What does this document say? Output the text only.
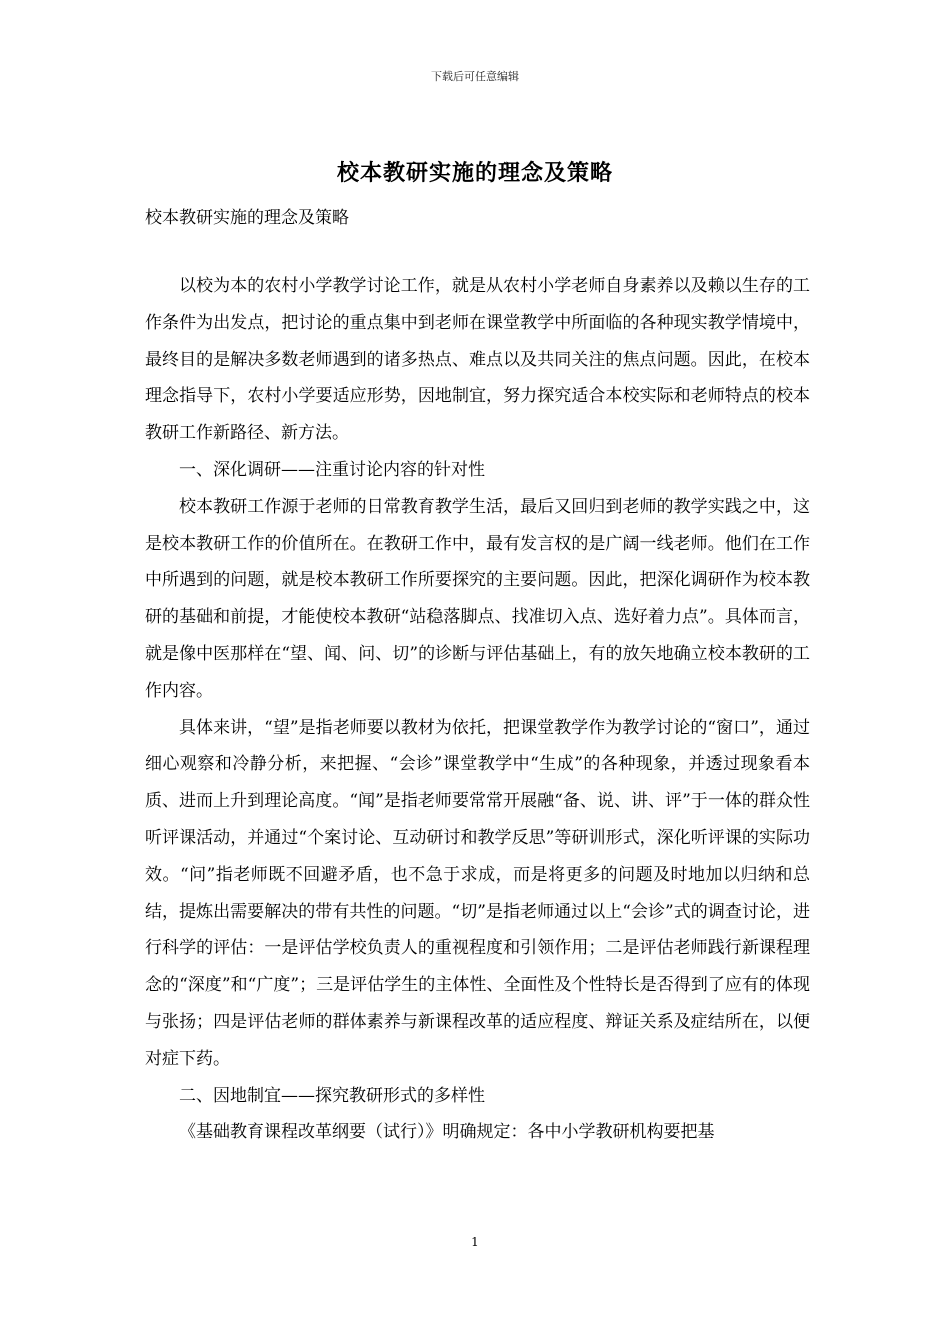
下载后可任意编辑
校本教研实施的理念及策略
校本教研实施的理念及策略

以校为本的农村小学教学讨论工作，就是从农村小学老师自身素养以及赖以生存的工作条件为出发点，把讨论的重点集中到老师在课堂教学中所面临的各种现实教学情境中，最终目的是解决多数老师遇到的诸多热点、难点以及共同关注的焦点问题。因此，在校本理念指导下，农村小学要适应形势，因地制宜，努力探究适合本校实际和老师特点的校本教研工作新路径、新方法。

一、深化调研——注重讨论内容的针对性

校本教研工作源于老师的日常教育教学生活，最后又回归到老师的教学实践之中，这是校本教研工作的价值所在。在教研工作中，最有发言权的是广阔一线老师。他们在工作中所遇到的问题，就是校本教研工作所要探究的主要问题。因此，把深化调研作为校本教研的基础和前提，才能使校本教研“站稳落脚点、找准切入点、选好着力点”。具体而言，就是像中医那样在“望、闻、问、切”的诊断与评估基础上，有的放矢地确立校本教研的工作内容。

具体来讲，“望”是指老师要以教材为依托，把课堂教学作为教学讨论的“窗口”，通过细心观察和冷静分析，来把握、“会诊”课堂教学中“生成”的各种现象，并透过现象看本质、进而上升到理论高度。“闻”是指老师要常常开展融“备、说、讲、评”于一体的群众性听评课活动，并通过“个案讨论、互动研讨和教学反思”等研训形式，深化听评课的实际功效。“问”指老师既不回避矛盾，也不急于求成，而是将更多的问题及时地加以归纳和总结，提炼出需要解决的带有共性的问题。“切”是指老师通过以上“会诊”式的调查讨论，进行科学的评估：一是评估学校负责人的重视程度和引领作用；二是评估老师践行新课程理念的“深度”和“广度”；三是评估学生的主体性、全面性及个性特长是否得到了应有的体现与张扬；四是评估老师的群体素养与新课程改革的适应程度、辩证关系及症结所在，以便对症下药。

二、因地制宜——探究教研形式的多样性

《基础教育课程改革纲要（试行）》明确规定：各中小学教研机构要把基

1
